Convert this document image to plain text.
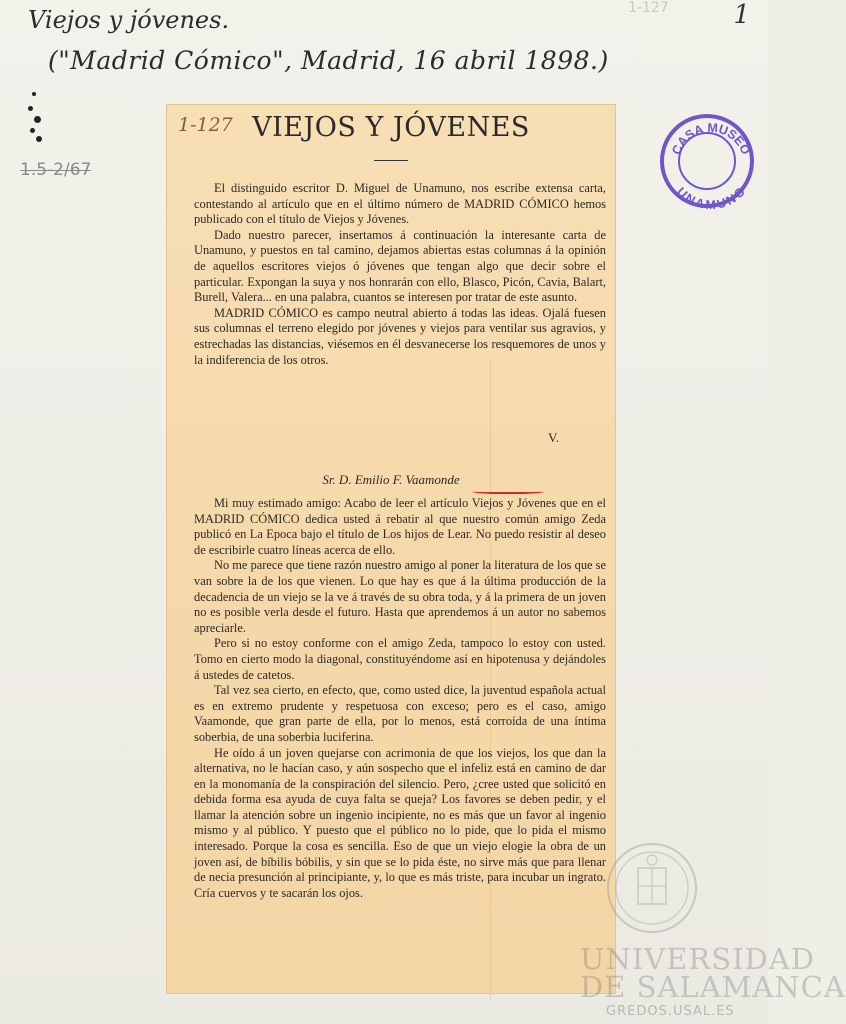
1-127 1
Viejos y jóvenes.
("Madrid Cómico", Madrid, 16 abril 1898.)
1.5-2/67
1-127 VIEJOS Y JÓVENES

El distinguido escritor D. Miguel de Unamuno, nos escribe extensa carta, contestando al artículo que en el último número de MADRID CÓMICO hemos publicado con el título de Viejos y Jóvenes.

Dado nuestro parecer, insertamos á continuación la interesante carta de Unamuno, y puestos en tal camino, dejamos abiertas estas columnas á la opinión de aquellos escritores viejos ó jóvenes que tengan algo que decir sobre el particular. Expongan la suya y nos honrarán con ello, Blasco, Picón, Cavia, Balart, Burell, Valera... en una palabra, cuantos se interesen por tratar de este asunto.

MADRID CÓMICO es campo neutral abierto á todas las ideas. Ojalá fuesen sus columnas el terreno elegido por jóvenes y viejos para ventilar sus agravios, y estrechadas las distancias, viésemos en él desvanecerse los resquemores de unos y la indiferencia de los otros.

V.
Sr. D. Emilio F. Vaamonde

Mi muy estimado amigo: Acabo de leer el artículo Viejos y Jóvenes que en el MADRID CÓMICO dedica usted á rebatir al que nuestro común amigo Zeda publicó en La Epoca bajo el título de Los hijos de Lear. No puedo resistir al deseo de escribirle cuatro líneas acerca de ello.

No me parece que tiene razón nuestro amigo al poner la literatura de los que se van sobre la de los que vienen. Lo que hay es que á la última producción de la decadencia de un viejo se la ve á través de su obra toda, y á la primera de un joven no es posible verla desde el futuro. Hasta que aprendemos á un autor no sabemos apreciarle.

Pero si no estoy conforme con el amigo Zeda, tampoco lo estoy con usted. Tomo en cierto modo la diagonal, constituyéndome así en hipotenusa y dejándoles á ustedes de catetos.

Tal vez sea cierto, en efecto, que, como usted dice, la juventud española actual es en extremo prudente y respetuosa con exceso; pero es el caso, amigo Vaamonde, que gran parte de ella, por lo menos, está corroída de una íntima soberbia, de una soberbia luciferina.

He oído á un joven quejarse con acrimonia de que los viejos, los que dan la alternativa, no le hacían caso, y aún sospecho que el infeliz está en camino de dar en la monomanía de la conspiración del silencio. Pero, ¿cree usted que solicitó en debida forma esa ayuda de cuya falta se queja? Los favores se deben pedir, y el llamar la atención sobre un ingenio incipiente, no es más que un favor al ingenio mismo y al público. Y puesto que el público no lo pide, que lo pida el mismo interesado. Porque la cosa es sencilla. Eso de que un viejo elogie la obra de un joven así, de bíbilis bóbilis, y sin que se lo pida éste, no sirve más que para llenar de necia presunción al principiante, y, lo que es más triste, para incubar un ingrato. Cría cuervos y te sacarán los ojos.

CASA MUSEO
UNAMUNO
UNIVERSIDAD
DE SALAMANCA
GREDOS.USAL.ES
